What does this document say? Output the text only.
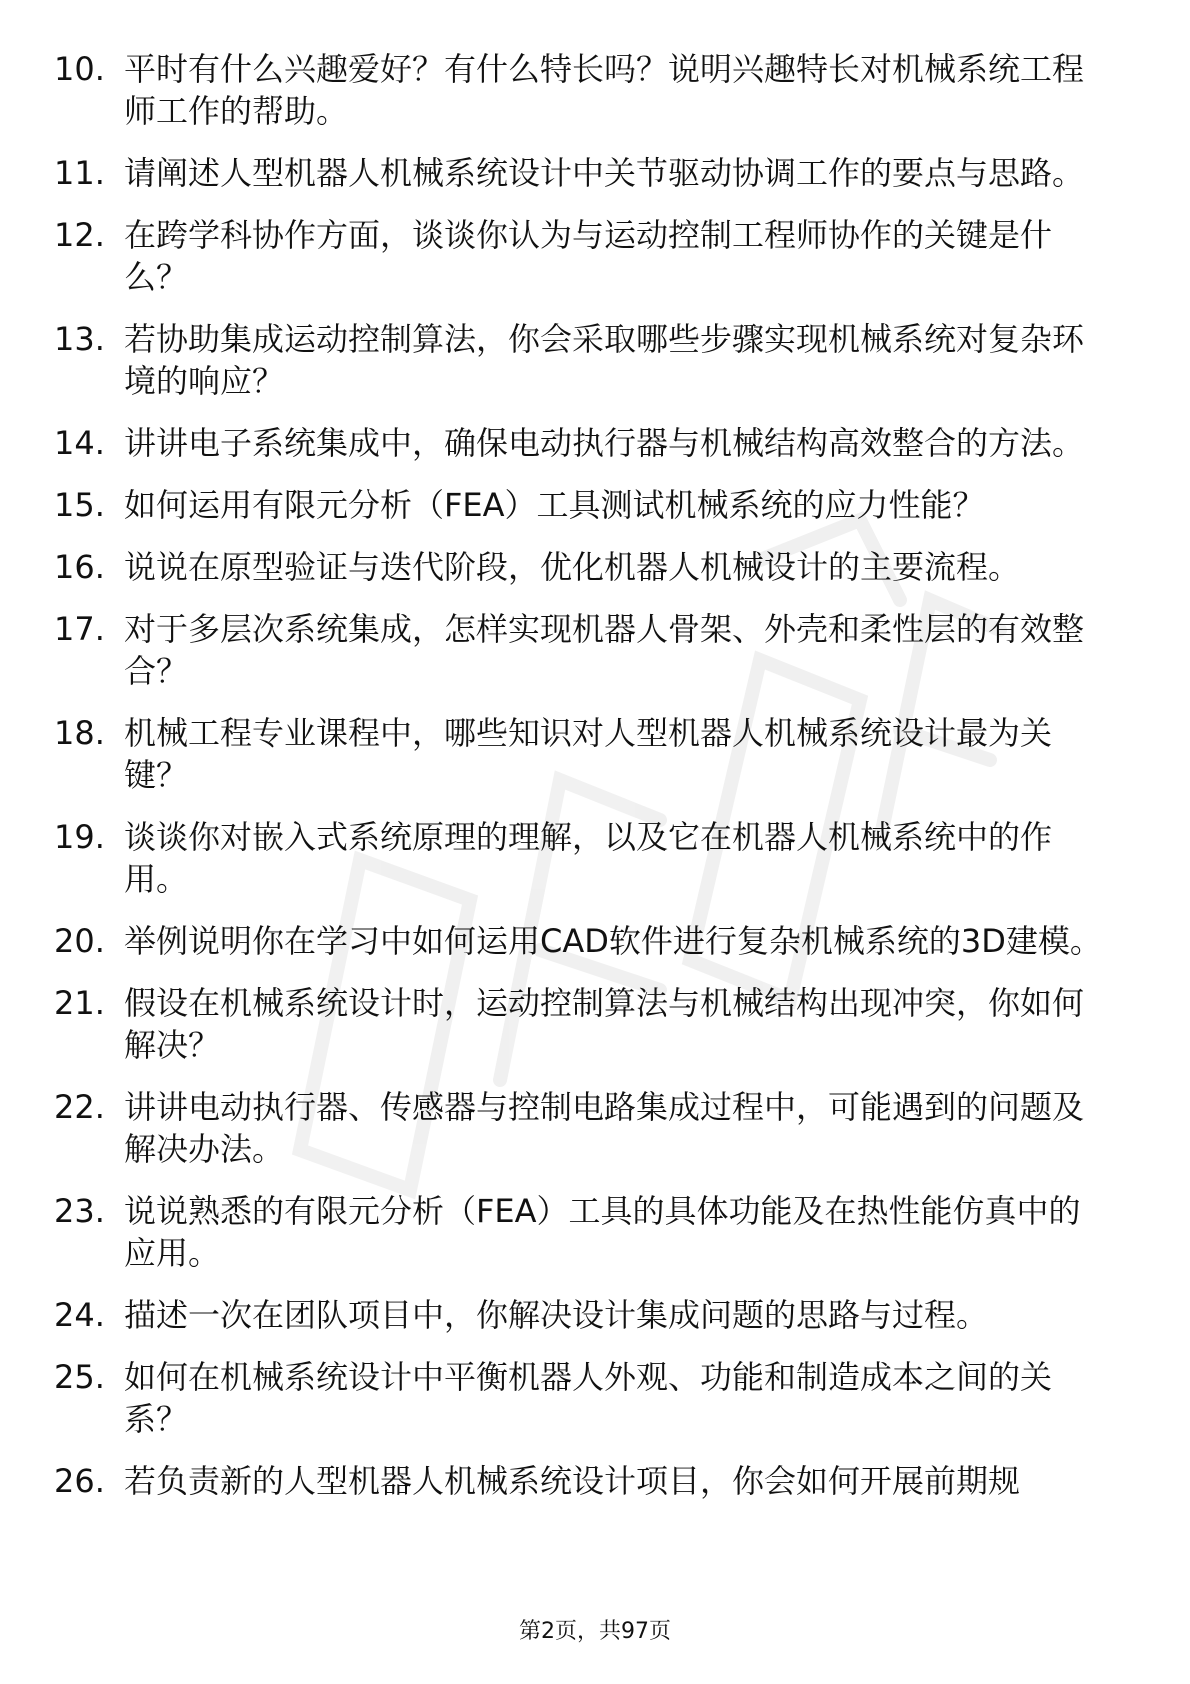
10. 平时有什么兴趣爱好？有什么特长吗？说明兴趣特长对机械系统工程师工作的帮助。
11. 请阐述人型机器人机械系统设计中关节驱动协调工作的要点与思路。
12. 在跨学科协作方面，谈谈你认为与运动控制工程师协作的关键是什么？
13. 若协助集成运动控制算法，你会采取哪些步骤实现机械系统对复杂环境的响应？
14. 讲讲电子系统集成中，确保电动执行器与机械结构高效整合的方法。
15. 如何运用有限元分析（FEA）工具测试机械系统的应力性能？
16. 说说在原型验证与迭代阶段，优化机器人机械设计的主要流程。
17. 对于多层次系统集成，怎样实现机器人骨架、外壳和柔性层的有效整合？
18. 机械工程专业课程中，哪些知识对人型机器人机械系统设计最为关键？
19. 谈谈你对嵌入式系统原理的理解，以及它在机器人机械系统中的作用。
20. 举例说明你在学习中如何运用CAD软件进行复杂机械系统的3D建模。
21. 假设在机械系统设计时，运动控制算法与机械结构出现冲突，你如何解决？
22. 讲讲电动执行器、传感器与控制电路集成过程中，可能遇到的问题及解决办法。
23. 说说熟悉的有限元分析（FEA）工具的具体功能及在热性能仿真中的应用。
24. 描述一次在团队项目中，你解决设计集成问题的思路与过程。
25. 如何在机械系统设计中平衡机器人外观、功能和制造成本之间的关系？
26. 若负责新的人型机器人机械系统设计项目，你会如何开展前期规
第2页，共97页
